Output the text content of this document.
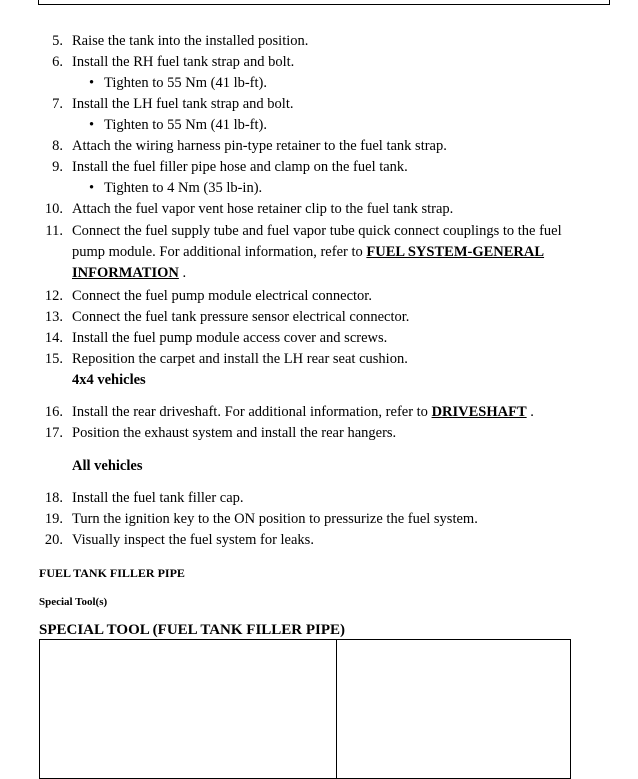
5. Raise the tank into the installed position.
6. Install the RH fuel tank strap and bolt.
• Tighten to 55 Nm (41 lb-ft).
7. Install the LH fuel tank strap and bolt.
• Tighten to 55 Nm (41 lb-ft).
8. Attach the wiring harness pin-type retainer to the fuel tank strap.
9. Install the fuel filler pipe hose and clamp on the fuel tank.
• Tighten to 4 Nm (35 lb-in).
10. Attach the fuel vapor vent hose retainer clip to the fuel tank strap.
11. Connect the fuel supply tube and fuel vapor tube quick connect couplings to the fuel pump module. For additional information, refer to FUEL SYSTEM-GENERAL INFORMATION .
12. Connect the fuel pump module electrical connector.
13. Connect the fuel tank pressure sensor electrical connector.
14. Install the fuel pump module access cover and screws.
15. Reposition the carpet and install the LH rear seat cushion.
4x4 vehicles
16. Install the rear driveshaft. For additional information, refer to DRIVESHAFT .
17. Position the exhaust system and install the rear hangers.
All vehicles
18. Install the fuel tank filler cap.
19. Turn the ignition key to the ON position to pressurize the fuel system.
20. Visually inspect the fuel system for leaks.
FUEL TANK FILLER PIPE
Special Tool(s)
SPECIAL TOOL (FUEL TANK FILLER PIPE)
